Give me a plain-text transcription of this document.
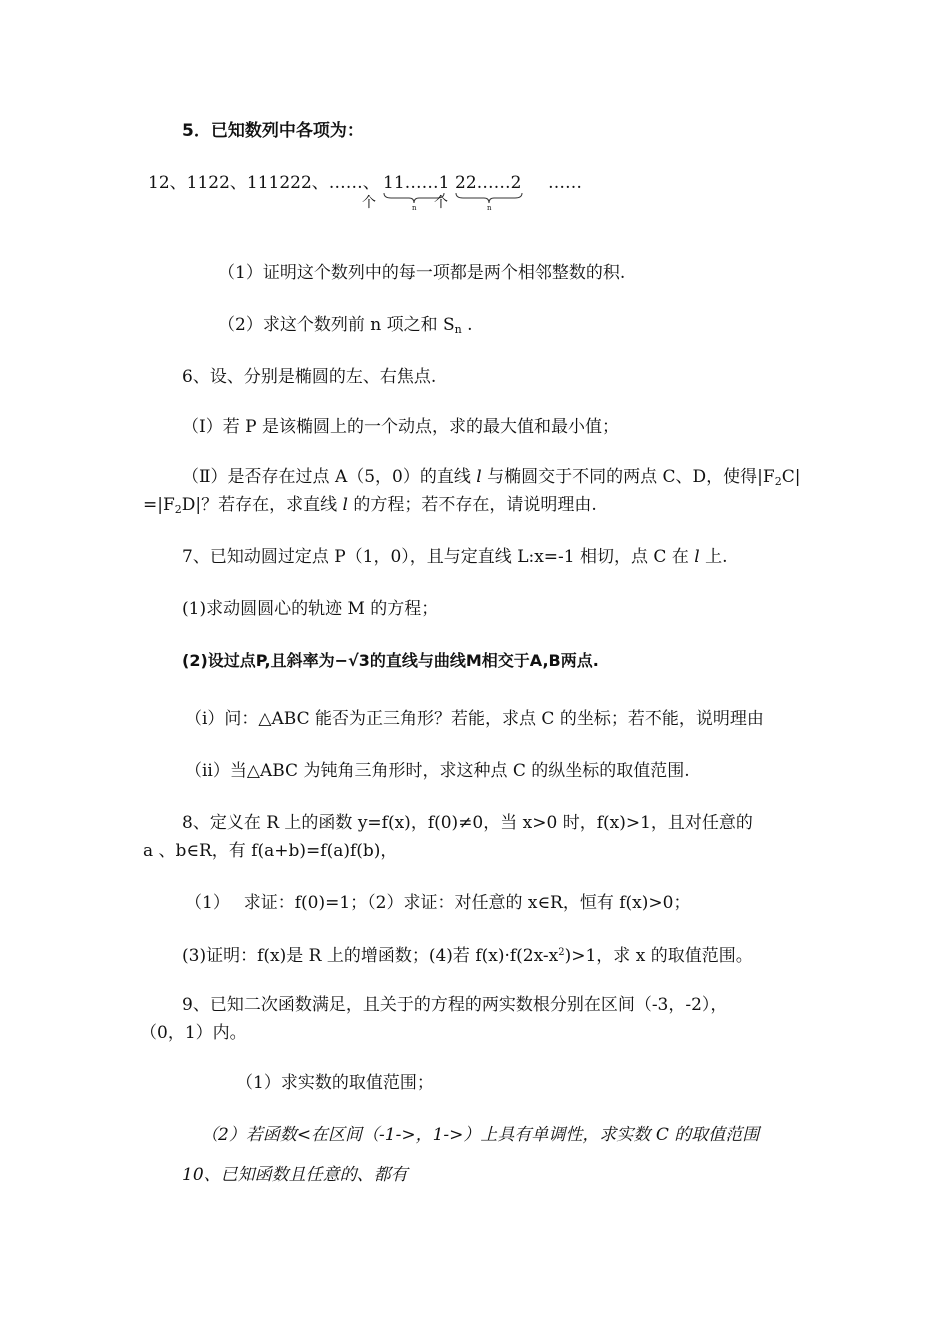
5．已知数列中各项为：
12、1122、111222、……、 11……1
n
个
22……2
n
个
……
（1）证明这个数列中的每一项都是两个相邻整数的积.
（2）求这个数列前 n 项之和 $S_n$ .
6、设、分别是椭圆的左、右焦点.
（Ⅰ）若 P 是该椭圆上的一个动点，求的最大值和最小值；
（Ⅱ）是否存在过点 A（5，0）的直线 l 与椭圆交于不同的两点 C、D，使得$|F_2C|$
$=|F_2D|$？若存在，求直线 l 的方程；若不存在，请说明理由.
7、已知动圆过定点 P（1，0），且与定直线 L:x=-1 相切，点 C 在 l 上.
(1)求动圆圆心的轨迹 M 的方程；
(2)设过点P,且斜率为−√3的直线与曲线M相交于A,B两点.
（i）问：△ABC 能否为正三角形？若能，求点 C 的坐标；若不能，说明理由
（ii）当△ABC 为钝角三角形时，求这种点 C 的纵坐标的取值范围.
8、定义在 R 上的函数 y=f(x)，f(0)≠0，当 x>0 时，f(x)>1，且对任意的
a 、b∈R，有 f(a+b)=f(a)f(b)，
（1）　 求证：f(0)=1；（2）求证：对任意的 x∈R，恒有 f(x)>0；
(3)证明：f(x)是 R 上的增函数；(4)若 $f(x)\cdot f(2x-x^2)>1$，求 x 的取值范围。
9、已知二次函数满足，且关于的方程的两实数根分别在区间（-3，-2），
（0，1）内。
（1）求实数的取值范围；
（2）若函数<在区间（-1->，1->）上具有单调性，求实数 C 的取值范围
10、已知函数且任意的、都有
